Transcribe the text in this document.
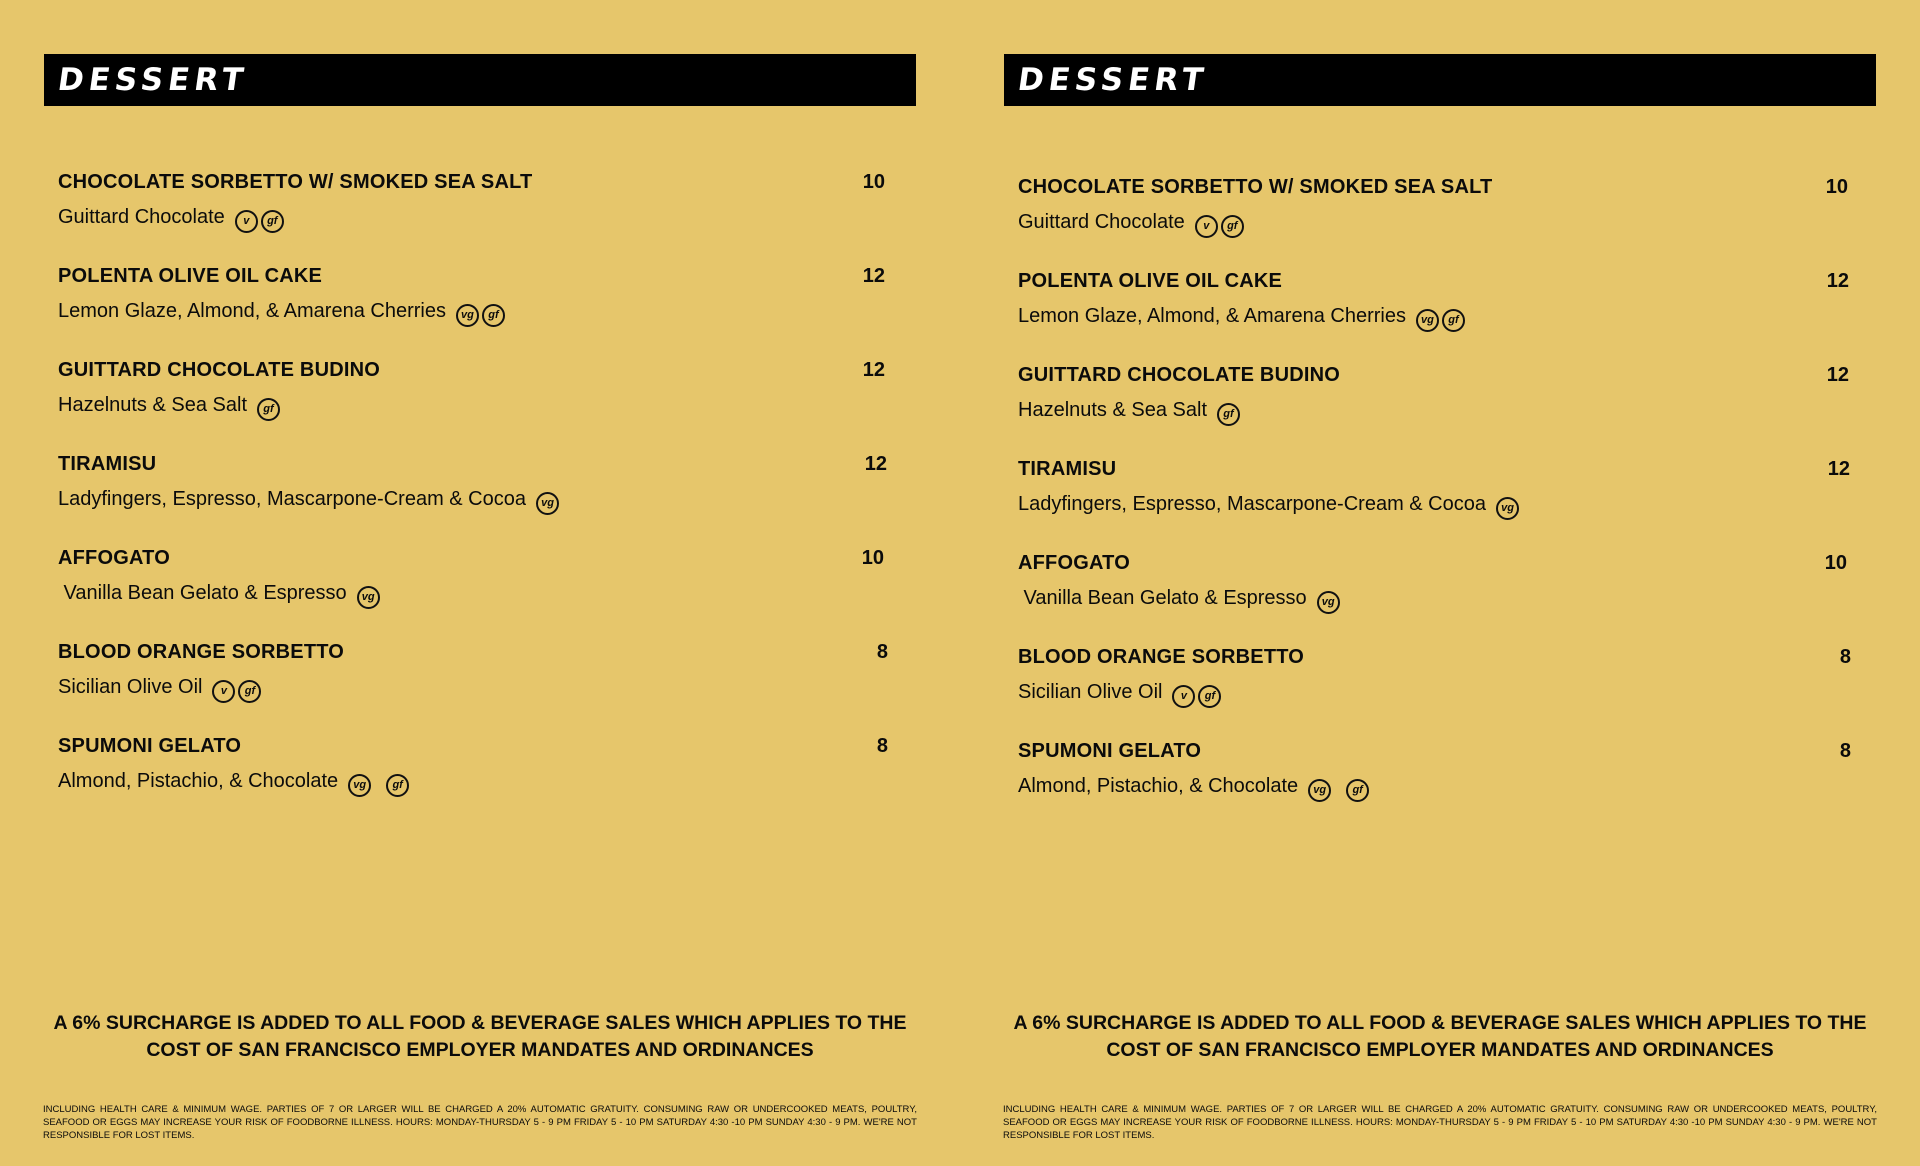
DESSERT
CHOCOLATE SORBETTO W/ SMOKED SEA SALT	10
Guittard Chocolate	v	gf
POLENTA OLIVE OIL CAKE	12
Lemon Glaze, Almond, & Amarena Cherries	vg	gf
GUITTARD CHOCOLATE BUDINO	12
Hazelnuts & Sea Salt	gf
TIRAMISU	12
Ladyfingers, Espresso, Mascarpone-Cream & Cocoa	vg
AFFOGATO	10
Vanilla Bean Gelato & Espresso	vg
BLOOD ORANGE SORBETTO	8
Sicilian Olive Oil	v	gf
SPUMONI GELATO	8
Almond, Pistachio, & Chocolate	vg	gf
A 6% SURCHARGE IS ADDED TO ALL FOOD & BEVERAGE SALES WHICH APPLIES TO THE COST OF SAN FRANCISCO EMPLOYER MANDATES AND ORDINANCES
INCLUDING HEALTH CARE & MINIMUM WAGE. PARTIES OF 7 OR LARGER WILL BE CHARGED A 20% AUTOMATIC GRATUITY. CONSUMING RAW OR UNDERCOOKED MEATS, POULTRY, SEAFOOD OR EGGS MAY INCREASE YOUR RISK OF FOODBORNE ILLNESS. HOURS: MONDAY-THURSDAY 5 - 9 PM FRIDAY 5 - 10 PM SATURDAY 4:30 -10 PM SUNDAY 4:30 - 9 PM. WE'RE NOT RESPONSIBLE FOR LOST ITEMS.
DESSERT
CHOCOLATE SORBETTO W/ SMOKED SEA SALT	10
Guittard Chocolate	v	gf
POLENTA OLIVE OIL CAKE	12
Lemon Glaze, Almond, & Amarena Cherries	vg	gf
GUITTARD CHOCOLATE BUDINO	12
Hazelnuts & Sea Salt	gf
TIRAMISU	12
Ladyfingers, Espresso, Mascarpone-Cream & Cocoa	vg
AFFOGATO	10
Vanilla Bean Gelato & Espresso	vg
BLOOD ORANGE SORBETTO	8
Sicilian Olive Oil	v	gf
SPUMONI GELATO	8
Almond, Pistachio, & Chocolate	vg	gf
A 6% SURCHARGE IS ADDED TO ALL FOOD & BEVERAGE SALES WHICH APPLIES TO THE COST OF SAN FRANCISCO EMPLOYER MANDATES AND ORDINANCES
INCLUDING HEALTH CARE & MINIMUM WAGE. PARTIES OF 7 OR LARGER WILL BE CHARGED A 20% AUTOMATIC GRATUITY. CONSUMING RAW OR UNDERCOOKED MEATS, POULTRY, SEAFOOD OR EGGS MAY INCREASE YOUR RISK OF FOODBORNE ILLNESS. HOURS: MONDAY-THURSDAY 5 - 9 PM FRIDAY 5 - 10 PM SATURDAY 4:30 -10 PM SUNDAY 4:30 - 9 PM. WE'RE NOT RESPONSIBLE FOR LOST ITEMS.
